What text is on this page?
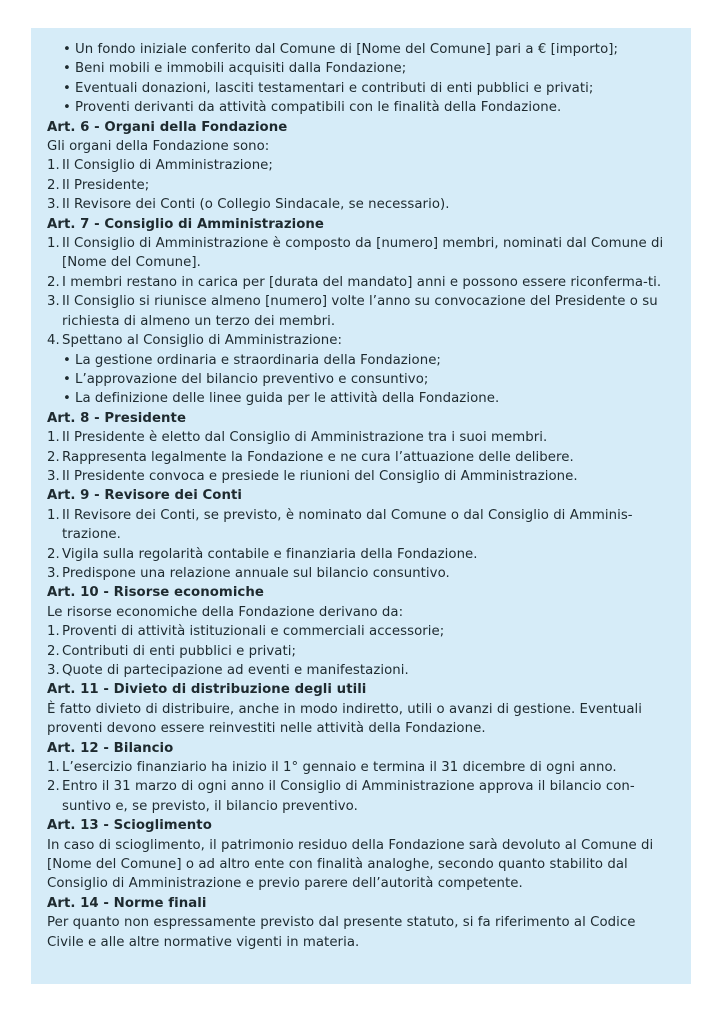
• Un fondo iniziale conferito dal Comune di [Nome del Comune] pari a € [importo];

• Beni mobili e immobili acquisiti dalla Fondazione;

• Eventuali donazioni, lasciti testamentari e contributi di enti pubblici e privati;

• Proventi derivanti da attività compatibili con le finalità della Fondazione.

Art. 6 - Organi della Fondazione

Gli organi della Fondazione sono:

1. Il Consiglio di Amministrazione;
2. Il Presidente;
3. Il Revisore dei Conti (o Collegio Sindacale, se necessario).

Art. 7 - Consiglio di Amministrazione

1. Il Consiglio di Amministrazione è composto da [numero] membri, nominati dal Comune di [Nome del Comune].
2. I membri restano in carica per [durata del mandato] anni e possono essere riconferma-ti.
3. Il Consiglio si riunisce almeno [numero] volte l’anno su convocazione del Presidente o su richiesta di almeno un terzo dei membri.
4. Spettano al Consiglio di Amministrazione:

• La gestione ordinaria e straordinaria della Fondazione;

• L’approvazione del bilancio preventivo e consuntivo;

• La definizione delle linee guida per le attività della Fondazione.

Art. 8 - Presidente

1. Il Presidente è eletto dal Consiglio di Amministrazione tra i suoi membri.
2. Rappresenta legalmente la Fondazione e ne cura l’attuazione delle delibere.
3. Il Presidente convoca e presiede le riunioni del Consiglio di Amministrazione.

Art. 9 - Revisore dei Conti

1. Il Revisore dei Conti, se previsto, è nominato dal Comune o dal Consiglio di Amminis-trazione.
2. Vigila sulla regolarità contabile e finanziaria della Fondazione.
3. Predispone una relazione annuale sul bilancio consuntivo.

Art. 10 - Risorse economiche

Le risorse economiche della Fondazione derivano da:

1. Proventi di attività istituzionali e commerciali accessorie;
2. Contributi di enti pubblici e privati;
3. Quote di partecipazione ad eventi e manifestazioni.

Art. 11 - Divieto di distribuzione degli utili

È fatto divieto di distribuire, anche in modo indiretto, utili o avanzi di gestione. Eventuali proventi devono essere reinvestiti nelle attività della Fondazione.

Art. 12 - Bilancio

1. L’esercizio finanziario ha inizio il 1° gennaio e termina il 31 dicembre di ogni anno.
2. Entro il 31 marzo di ogni anno il Consiglio di Amministrazione approva il bilancio con-suntivo e, se previsto, il bilancio preventivo.

Art. 13 - Scioglimento

In caso di scioglimento, il patrimonio residuo della Fondazione sarà devoluto al Comune di [Nome del Comune] o ad altro ente con finalità analoghe, secondo quanto stabilito dal Consiglio di Amministrazione e previo parere dell’autorità competente.

Art. 14 - Norme finali

Per quanto non espressamente previsto dal presente statuto, si fa riferimento al Codice Civile e alle altre normative vigenti in materia.
